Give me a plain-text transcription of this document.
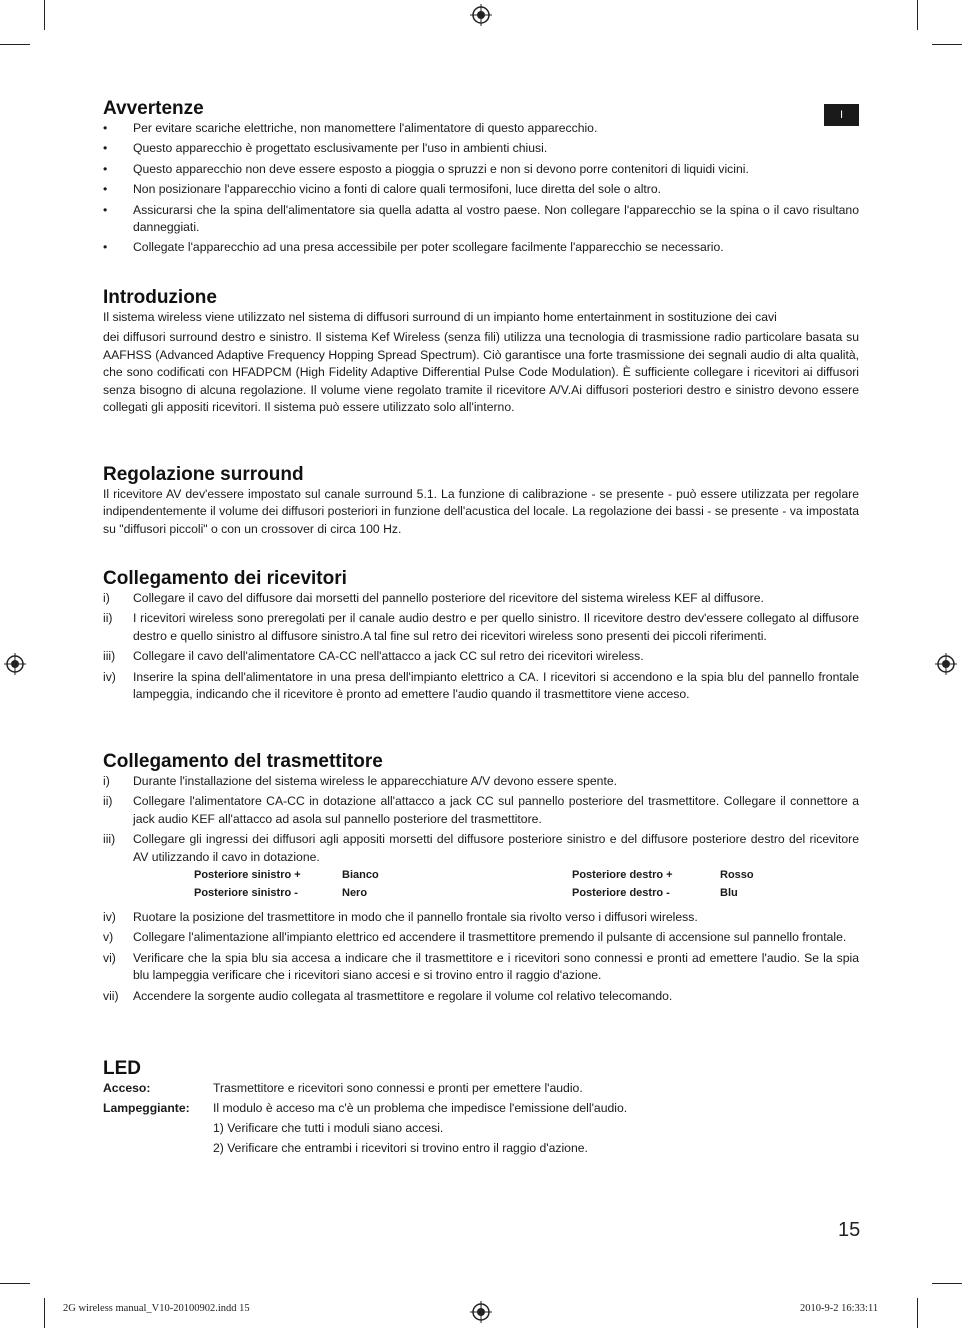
I
Avvertenze
• Per evitare scariche elettriche, non manomettere l'alimentatore di questo apparecchio.
• Questo apparecchio è progettato esclusivamente per l'uso in ambienti chiusi.
• Questo apparecchio non deve essere esposto a pioggia o spruzzi e non si devono porre contenitori di liquidi vicini.
• Non posizionare l'apparecchio vicino a fonti di calore quali termosifoni, luce diretta del sole o altro.
• Assicurarsi che la spina dell'alimentatore sia quella adatta al vostro paese. Non collegare l'apparecchio se la spina o il cavo risultano danneggiati.
• Collegate l'apparecchio ad una presa accessibile per poter scollegare facilmente l'apparecchio se necessario.
Introduzione

Il sistema wireless viene utilizzato nel sistema di diffusori surround di un impianto home entertainment in sostituzione dei cavi

dei diffusori surround destro e sinistro. Il sistema Kef Wireless (senza fili) utilizza una tecnologia di trasmissione radio particolare basata su AAFHSS (Advanced Adaptive Frequency Hopping Spread Spectrum). Ciò garantisce una forte trasmissione dei segnali audio di alta qualità, che sono codificati con HFADPCM (High Fidelity Adaptive Differential Pulse Code Modulation). È sufficiente collegare i ricevitori ai diffusori senza bisogno di alcuna regolazione. Il volume viene regolato tramite il ricevitore A/V.Ai diffusori posteriori destro e sinistro devono essere collegati gli appositi ricevitori. Il sistema può essere utilizzato solo all'interno.

Regolazione surround

Il ricevitore AV dev'essere impostato sul canale surround 5.1. La funzione di calibrazione - se presente - può essere utilizzata per regolare indipendentemente il volume dei diffusori posteriori in funzione dell'acustica del locale. La regolazione dei bassi - se presente - va impostata su "diffusori piccoli" o con un crossover di circa 100 Hz.

Collegamento dei ricevitori
i) Collegare il cavo del diffusore dai morsetti del pannello posteriore del ricevitore del sistema wireless KEF al diffusore.
ii) I ricevitori wireless sono preregolati per il canale audio destro e per quello sinistro. Il ricevitore destro dev'essere collegato al diffusore destro e quello sinistro al diffusore sinistro.A tal fine sul retro dei ricevitori wireless sono presenti dei piccoli riferimenti.
iii) Collegare il cavo dell'alimentatore CA-CC nell'attacco a jack CC sul retro dei ricevitori wireless.
iv) Inserire la spina dell'alimentatore in una presa dell'impianto elettrico a CA. I ricevitori si accendono e la spia blu del pannello frontale lampeggia, indicando che il ricevitore è pronto ad emettere l'audio quando il trasmettitore viene acceso.
Collegamento del trasmettitore
i) Durante l'installazione del sistema wireless le apparecchiature A/V devono essere spente.
ii) Collegare l'alimentatore CA-CC in dotazione all'attacco a jack CC sul pannello posteriore del trasmettitore. Collegare il connettore a jack audio KEF all'attacco ad asola sul pannello posteriore del trasmettitore.
iii) Collegare gli ingressi dei diffusori agli appositi morsetti del diffusore posteriore sinistro e del diffusore posteriore destro del ricevitore AV utilizzando il cavo in dotazione.
Posteriore sinistro +	Bianco	Posteriore destro +	Rosso
Posteriore sinistro -	Nero	Posteriore destro -	Blu
iv) Ruotare la posizione del trasmettitore in modo che il pannello frontale sia rivolto verso i diffusori wireless.
v) Collegare l'alimentazione all'impianto elettrico ed accendere il trasmettitore premendo il pulsante di accensione sul pannello frontale.
vi) Verificare che la spia blu sia accesa a indicare che il trasmettitore e i ricevitori sono connessi e pronti ad emettere l'audio. Se la spia blu lampeggia verificare che i ricevitori siano accesi e si trovino entro il raggio d'azione.
vii) Accendere la sorgente audio collegata al trasmettitore e regolare il volume col relativo telecomando.
LED
Acceso:	Trasmettitore e ricevitori sono connessi e pronti per emettere l'audio.
Lampeggiante: Il modulo è acceso ma c'è un problema che impedisce l'emissione dell'audio.
1) Verificare che tutti i moduli siano accesi.
2) Verificare che entrambi i ricevitori si trovino entro il raggio d'azione.
15
2G wireless manual_V10-20100902.indd 15	2010-9-2 16:33:11
